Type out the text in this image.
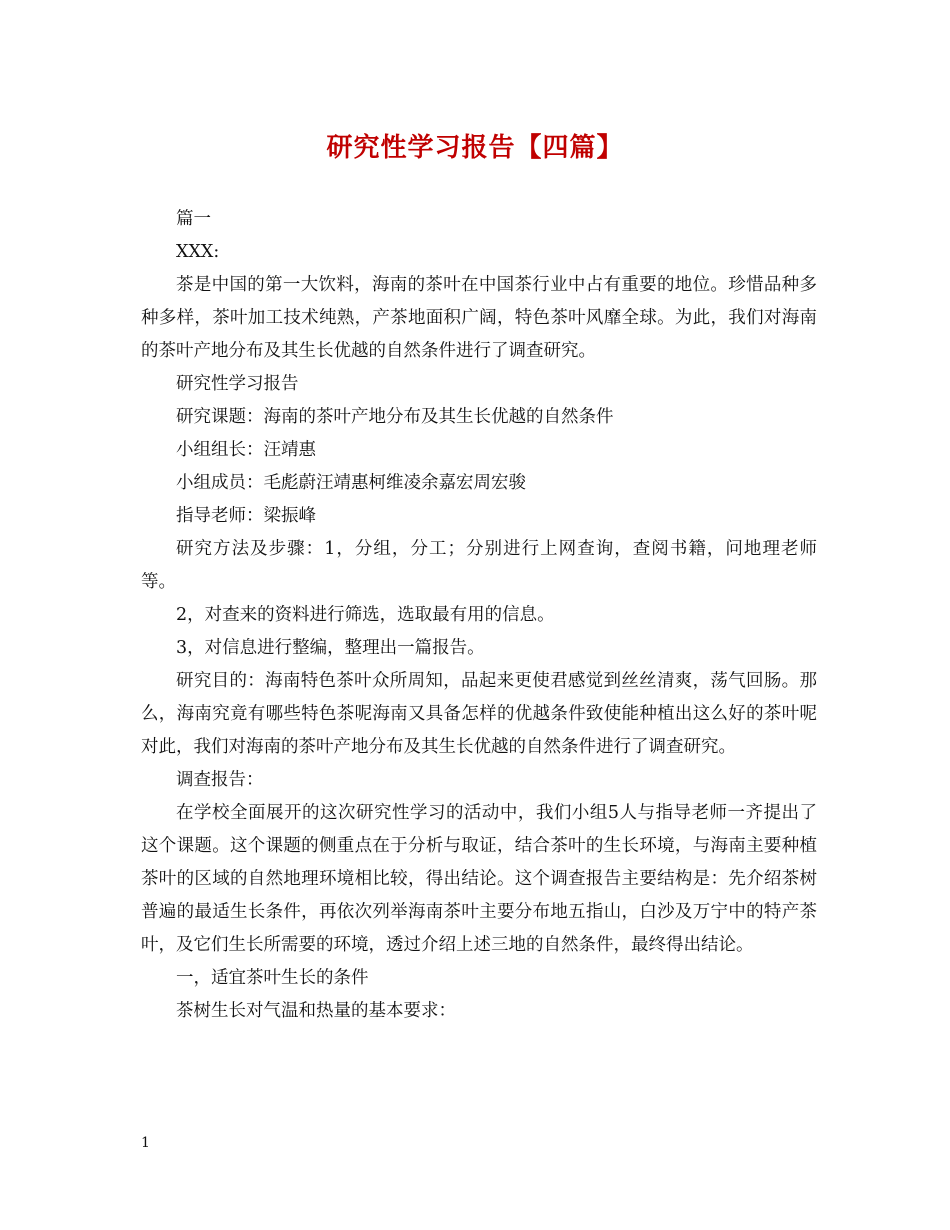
研究性学习报告【四篇】

篇一

XXX:

茶是中国的第一大饮料，海南的茶叶在中国茶行业中占有重要的地位。珍惜品种多种多样，茶叶加工技术纯熟，产茶地面积广阔，特色茶叶风靡全球。为此，我们对海南的茶叶产地分布及其生长优越的自然条件进行了调查研究。

研究性学习报告

研究课题：海南的茶叶产地分布及其生长优越的自然条件

小组组长：汪靖惠

小组成员：毛彪蔚汪靖惠柯维凌余嘉宏周宏骏

指导老师：梁振峰

研究方法及步骤：1，分组，分工；分别进行上网查询，查阅书籍，问地理老师等。

2，对查来的资料进行筛选，选取最有用的信息。

3，对信息进行整编，整理出一篇报告。

研究目的：海南特色茶叶众所周知，品起来更使君感觉到丝丝清爽，荡气回肠。那么，海南究竟有哪些特色茶呢海南又具备怎样的优越条件致使能种植出这么好的茶叶呢对此，我们对海南的茶叶产地分布及其生长优越的自然条件进行了调查研究。

调查报告：

在学校全面展开的这次研究性学习的活动中，我们小组5人与指导老师一齐提出了这个课题。这个课题的侧重点在于分析与取证，结合茶叶的生长环境，与海南主要种植茶叶的区域的自然地理环境相比较，得出结论。这个调查报告主要结构是：先介绍茶树普遍的最适生长条件，再依次列举海南茶叶主要分布地五指山，白沙及万宁中的特产茶叶，及它们生长所需要的环境，透过介绍上述三地的自然条件，最终得出结论。

一，适宜茶叶生长的条件

茶树生长对气温和热量的基本要求：

1
